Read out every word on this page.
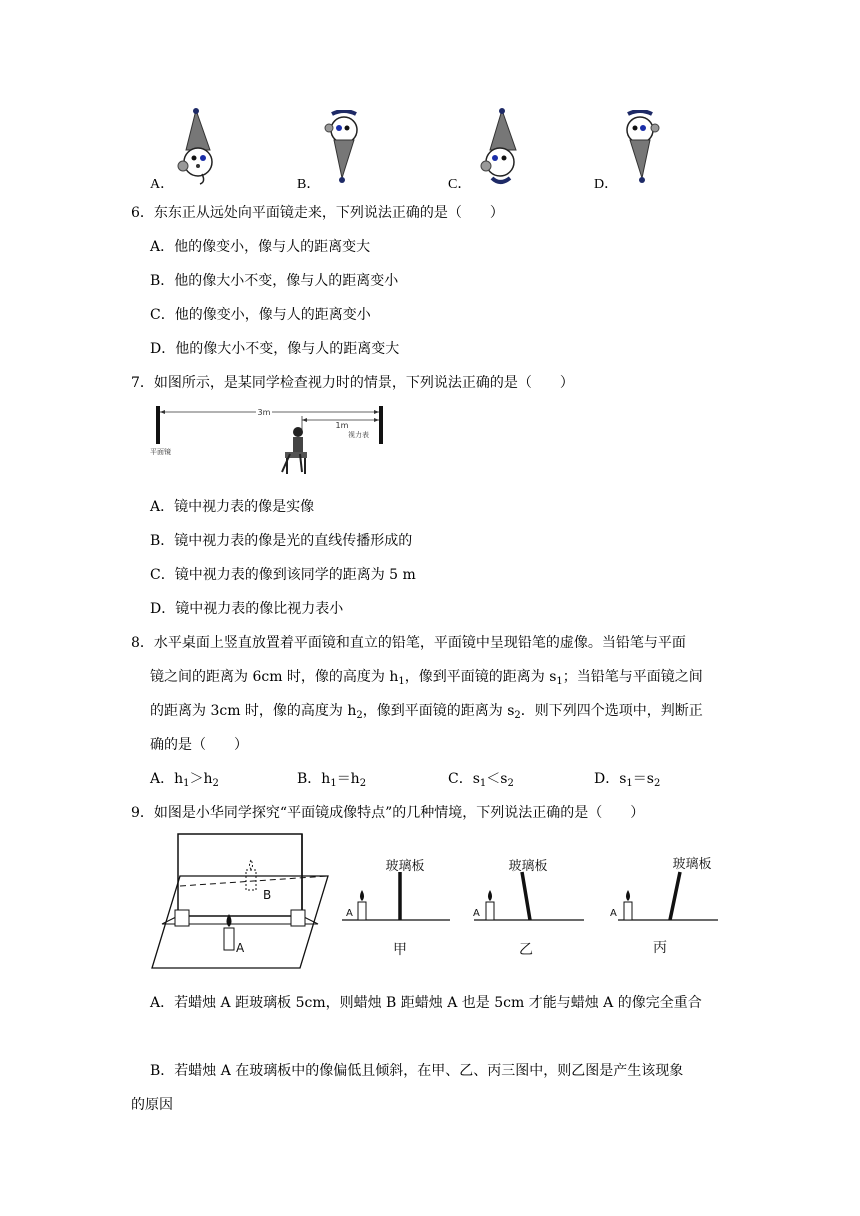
A．	B．	C．	D．
6．东东正从远处向平面镜走来，下列说法正确的是（　　）
A．他的像变小，像与人的距离变大
B．他的像大小不变，像与人的距离变小
C．他的像变小，像与人的距离变小
D．他的像大小不变，像与人的距离变大
7．如图所示，是某同学检查视力时的情景，下列说法正确的是（　　）
3m
1m
平面镜
视力表
A．镜中视力表的像是实像
B．镜中视力表的像是光的直线传播形成的
C．镜中视力表的像到该同学的距离为 5 m
D．镜中视力表的像比视力表小
8．水平桌面上竖直放置着平面镜和直立的铅笔，平面镜中呈现铅笔的虚像。当铅笔与平面
镜之间的距离为 6cm 时，像的高度为 $h_1$，像到平面镜的距离为 $s_1$；当铅笔与平面镜之间
的距离为 3cm 时，像的高度为 $h_2$，像到平面镜的距离为 $s_2$．则下列四个选项中，判断正
确的是（　　）
A．$h_1>h_2$	B．$h_1=h_2$	C．$s_1<s_2$	D．$s_1=s_2$
9．如图是小华同学探究“平面镜成像特点”的几种情境，下列说法正确的是（　　）
B
A
A
玻璃板
甲
A
玻璃板
乙
A
玻璃板
丙
A．若蜡烛 A 距玻璃板 5cm，则蜡烛 B 距蜡烛 A 也是 5cm 才能与蜡烛 A 的像完全重合
B．若蜡烛 A 在玻璃板中的像偏低且倾斜，在甲、乙、丙三图中，则乙图是产生该现象
的原因
